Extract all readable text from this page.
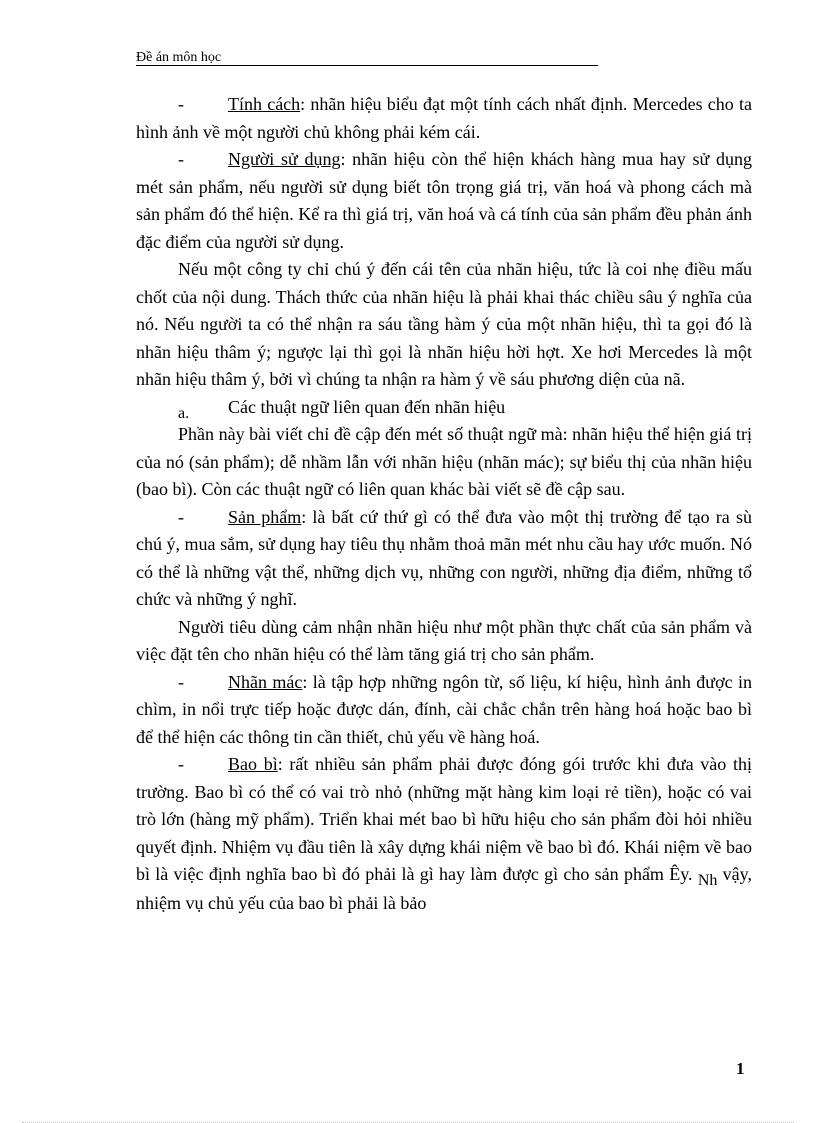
Đề án môn học
- Tính cách: nhãn hiệu biểu đạt một tính cách nhất định. Mercedes cho ta hình ảnh về một người chủ không phải kém cái.
- Người sử dụng: nhãn hiệu còn thể hiện khách hàng mua hay sử dụng mét sản phẩm, nếu người sử dụng biết tôn trọng giá trị, văn hoá và phong cách mà sản phẩm đó thể hiện. Kể ra thì giá trị, văn hoá và cá tính của sản phẩm đều phản ánh đặc điểm của người sử dụng.
Nếu một công ty chỉ chú ý đến cái tên của nhãn hiệu, tức là coi nhẹ điều mấu chốt của nội dung. Thách thức của nhãn hiệu là phải khai thác chiều sâu ý nghĩa của nó. Nếu người ta có thể nhận ra sáu tầng hàm ý của một nhãn hiệu, thì ta gọi đó là nhãn hiệu thâm ý; ngược lại thì gọi là nhãn hiệu hời hợt. Xe hơi Mercedes là một nhãn hiệu thâm ý, bởi vì chúng ta nhận ra hàm ý về sáu phương diện của nã.
a. Các thuật ngữ liên quan đến nhãn hiệu
Phần này bài viết chỉ đề cập đến mét số thuật ngữ mà: nhãn hiệu thể hiện giá trị của nó (sản phẩm); dễ nhầm lẫn với nhãn hiệu (nhãn mác); sự biểu thị của nhãn hiệu (bao bì). Còn các thuật ngữ có liên quan khác bài viết sẽ đề cập sau.
- Sản phẩm: là bất cứ thứ gì có thể đưa vào một thị trường để tạo ra sù chú ý, mua sắm, sử dụng hay tiêu thụ nhằm thoả mãn mét nhu cầu hay ước muốn. Nó có thể là những vật thể, những dịch vụ, những con người, những địa điểm, những tổ chức và những ý nghĩ.
Người tiêu dùng cảm nhận nhãn hiệu như một phần thực chất của sản phẩm và việc đặt tên cho nhãn hiệu có thể làm tăng giá trị cho sản phẩm.
- Nhãn mác: là tập hợp những ngôn từ, số liệu, kí hiệu, hình ảnh được in chìm, in nổi trực tiếp hoặc được dán, đính, cài chắc chắn trên hàng hoá hoặc bao bì để thể hiện các thông tin cần thiết, chủ yếu về hàng hoá.
- Bao bì: rất nhiều sản phẩm phải được đóng gói trước khi đưa vào thị trường. Bao bì có thể có vai trò nhỏ (những mặt hàng kim loại rẻ tiền), hoặc có vai trò lớn (hàng mỹ phẩm). Triển khai mét bao bì hữu hiệu cho sản phẩm đòi hỏi nhiều quyết định. Nhiệm vụ đầu tiên là xây dựng khái niệm về bao bì đó. Khái niệm về bao bì là việc định nghĩa bao bì đó phải là gì hay làm được gì cho sản phẩm Êy. Nh vậy, nhiệm vụ chủ yếu của bao bì phải là bảo
1
